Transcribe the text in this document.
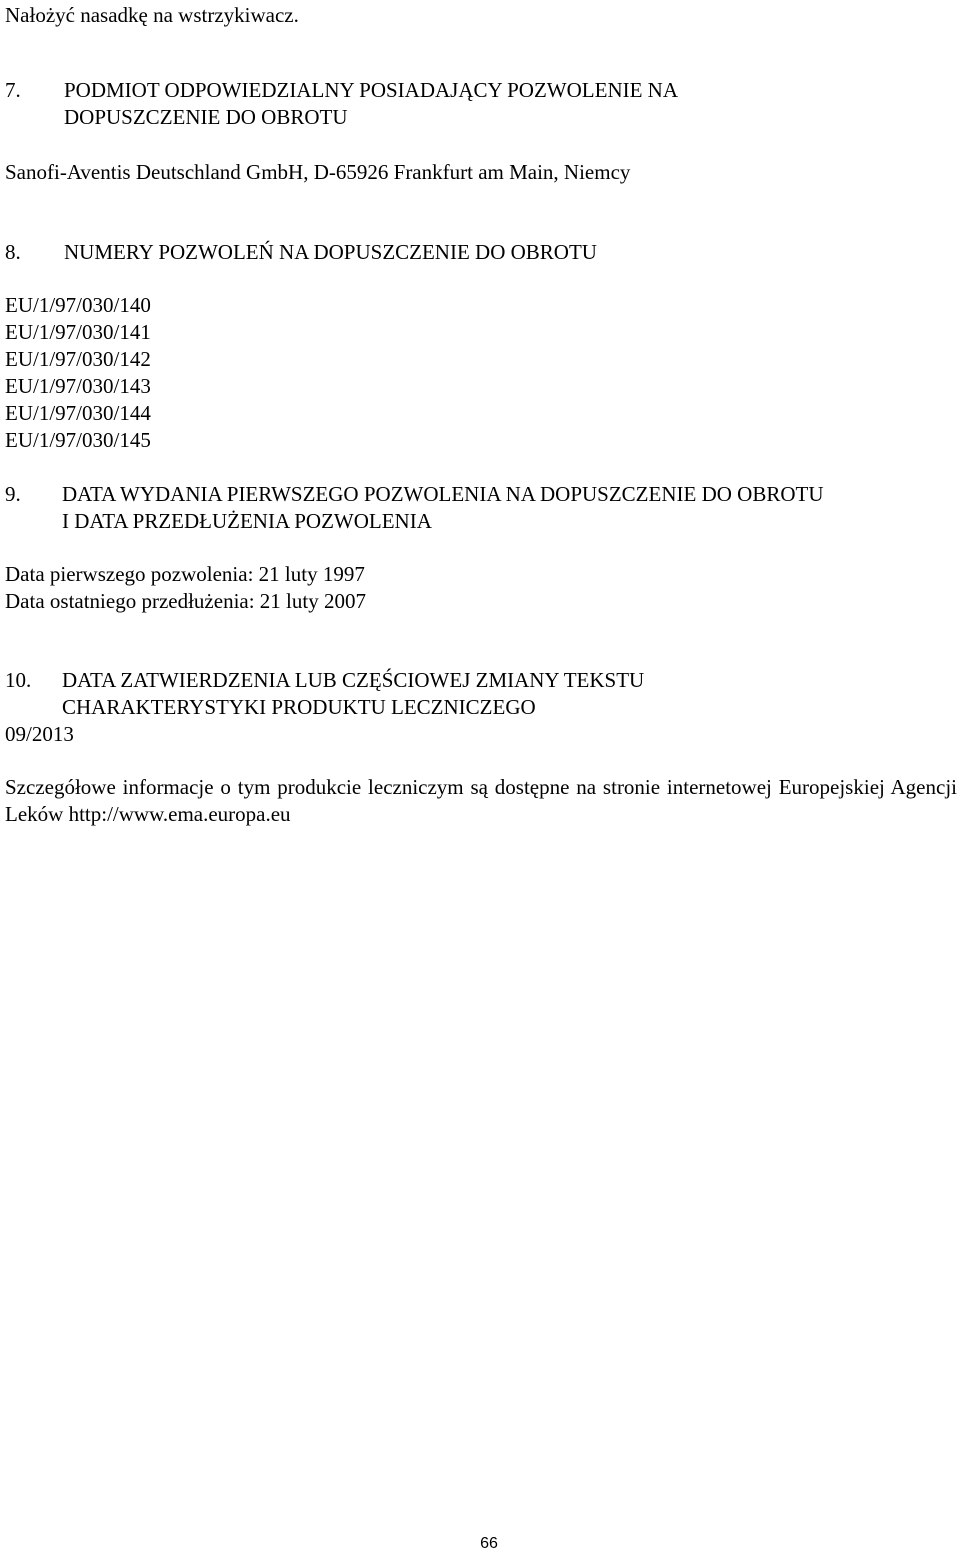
Nałożyć nasadkę na wstrzykiwacz.
7. PODMIOT ODPOWIEDZIALNY POSIADAJĄCY POZWOLENIE NA
DOPUSZCZENIE DO OBROTU
Sanofi-Aventis Deutschland GmbH, D-65926 Frankfurt am Main, Niemcy
8. NUMERY POZWOLEŃ NA DOPUSZCZENIE DO OBROTU
EU/1/97/030/140
EU/1/97/030/141
EU/1/97/030/142
EU/1/97/030/143
EU/1/97/030/144
EU/1/97/030/145
9. DATA WYDANIA PIERWSZEGO POZWOLENIA NA DOPUSZCZENIE DO OBROTU
I DATA PRZEDŁUŻENIA POZWOLENIA
Data pierwszego pozwolenia: 21 luty 1997
Data ostatniego przedłużenia: 21 luty 2007
10. DATA ZATWIERDZENIA LUB CZĘŚCIOWEJ ZMIANY TEKSTU
CHARAKTERYSTYKI PRODUKTU LECZNICZEGO
09/2013
Szczegółowe informacje o tym produkcie leczniczym są dostępne na stronie internetowej Europejskiej Agencji Leków http://www.ema.europa.eu
66
